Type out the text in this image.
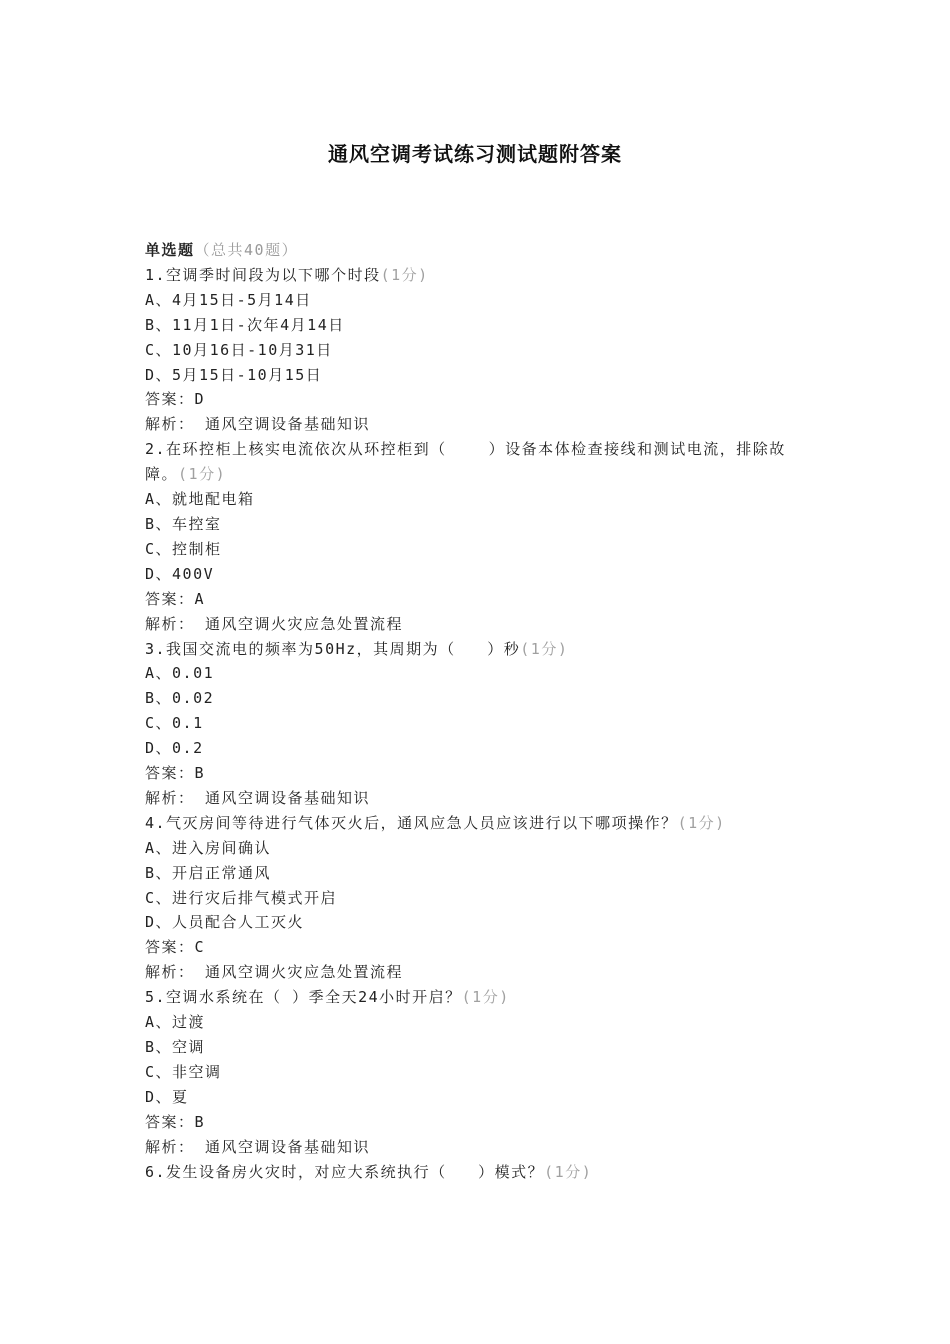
通风空调考试练习测试题附答案
单选题（总共40题）
1.空调季时间段为以下哪个时段(1分)
A、4月15日-5月14日
B、11月1日-次年4月14日
C、10月16日-10月31日
D、5月15日-10月15日
答案：D
解析： 通风空调设备基础知识
2.在环控柜上核实电流依次从环控柜到（    ）设备本体检查接线和测试电流，排除故障。(1分)
A、就地配电箱
B、车控室
C、控制柜
D、400V
答案：A
解析： 通风空调火灾应急处置流程
3.我国交流电的频率为50Hz，其周期为（   ）秒(1分)
A、0.01
B、0.02
C、0.1
D、0.2
答案：B
解析： 通风空调设备基础知识
4.气灭房间等待进行气体灭火后，通风应急人员应该进行以下哪项操作？(1分)
A、进入房间确认
B、开启正常通风
C、进行灾后排气模式开启
D、人员配合人工灭火
答案：C
解析： 通风空调火灾应急处置流程
5.空调水系统在（ ）季全天24小时开启？(1分)
A、过渡
B、空调
C、非空调
D、夏
答案：B
解析： 通风空调设备基础知识
6.发生设备房火灾时，对应大系统执行（   ）模式？(1分)
